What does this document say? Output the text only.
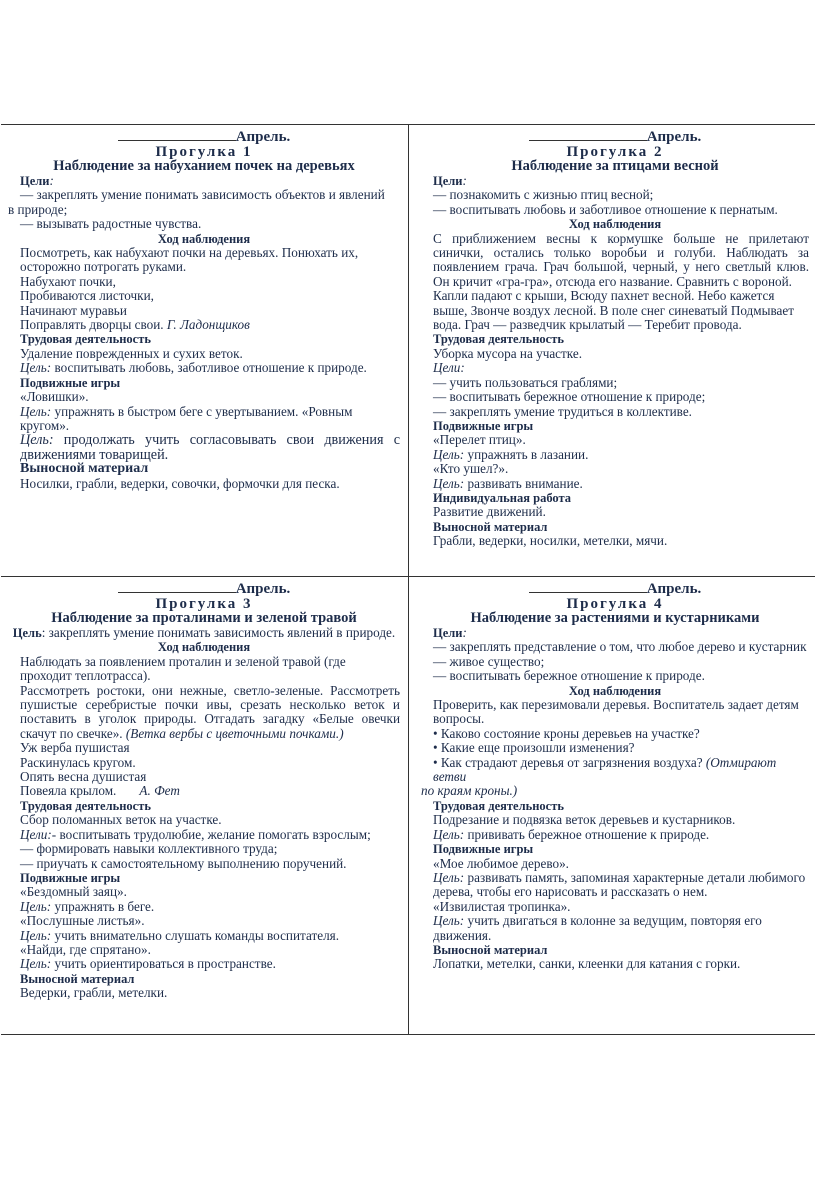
Апрель.

Прогулка 1

Наблюдение за набуханием почек на деревьях

Цели:

— закреплять умение понимать зависимость объектов и явлений

в природе;

— вызывать радостные чувства.

Ход наблюдения

Посмотреть, как набухают почки на деревьях. Понюхать их, осторожно потрогать руками.

Набухают почки,

Пробиваются листочки,

Начинают муравьи

Поправлять дворцы свои. Г. Ладонщиков

Трудовая деятельность

Удаление поврежденных и сухих веток.

Цель: воспитывать любовь, заботливое отношение к природе.

Подвижные игры

«Ловишки».

Цель: упражнять в быстром беге с увертыванием. «Ровным кругом».

Цель: продолжать учить согласовывать свои движения с движениями товарищей.

Выносной материал

Носилки, грабли, ведерки, совочки, формочки для песка.

Апрель.

Прогулка 2

Наблюдение за птицами весной

Цели:

— познакомить с жизнью птиц весной;

— воспитывать любовь и заботливое отношение к пернатым.

Ход наблюдения

С приближением весны к кормушке больше не прилетают синички, остались только воробьи и голуби. Наблюдать за появлением грача. Грач большой, черный, у него светлый клюв. Он кричит «гра-гра», отсюда его название. Сравнить с вороной.

Капли падают с крыши, Всюду пахнет весной. Небо кажется выше, Звонче воздух лесной. В поле снег синеватый Подмывает вода. Грач — разведчик крылатый — Теребит провода.

Трудовая деятельность

Уборка мусора на участке.

Цели:

— учить пользоваться граблями;

— воспитывать бережное отношение к природе;

— закреплять умение трудиться в коллективе.

Подвижные игры

«Перелет птиц».

Цель: упражнять в лазании.

«Кто ушел?».

Цель: развивать внимание.

Индивидуальная работа

Развитие движений.

Выносной материал

Грабли, ведерки, носилки, метелки, мячи.

Апрель.

Прогулка 3

Наблюдение за проталинами и зеленой травой

Цель: закреплять умение понимать зависимость явлений в природе.

Ход наблюдения

Наблюдать за появлением проталин и зеленой травой (где проходит теплотрасса).

Рассмотреть ростоки, они нежные, светло-зеленые. Рассмотреть пушистые серебристые почки ивы, срезать несколько веток и поставить в уголок природы. Отгадать загадку «Белые овечки скачут по свечке». (Ветка вербы с цветочными почками.)

Уж верба пушистая

Раскинулась кругом.

Опять весна душистая

Повеяла крылом. А. Фет

Трудовая деятельность

Сбор поломанных веток на участке.

Цели:- воспитывать трудолюбие, желание помогать взрослым;

— формировать навыки коллективного труда;

— приучать к самостоятельному выполнению поручений.

Подвижные игры

«Бездомный заяц».

Цель: упражнять в беге.

«Послушные листья».

Цель: учить внимательно слушать команды воспитателя.

«Найди, где спрятано».

Цель: учить ориентироваться в пространстве.

Выносной материал

Ведерки, грабли, метелки.

Апрель.

Прогулка 4

Наблюдение за растениями и кустарниками

Цели:

— закреплять представление о том, что любое дерево и кустарник — живое существо;

— воспитывать бережное отношение к природе.

Ход наблюдения

Проверить, как перезимовали деревья. Воспитатель задает детям вопросы.

• Каково состояние кроны деревьев на участке?

• Какие еще произошли изменения?

• Как страдают деревья от загрязнения воздуха? (Отмирают ветви

по краям кроны.)

Трудовая деятельность

Подрезание и подвязка веток деревьев и кустарников.

Цель: прививать бережное отношение к природе.

Подвижные игры

«Мое любимое дерево».

Цель: развивать память, запоминая характерные детали любимого дерева, чтобы его нарисовать и рассказать о нем.

«Извилистая тропинка».

Цель: учить двигаться в колонне за ведущим, повторяя его движения.

Выносной материал

Лопатки, метелки, санки, клеенки для катания с горки.
